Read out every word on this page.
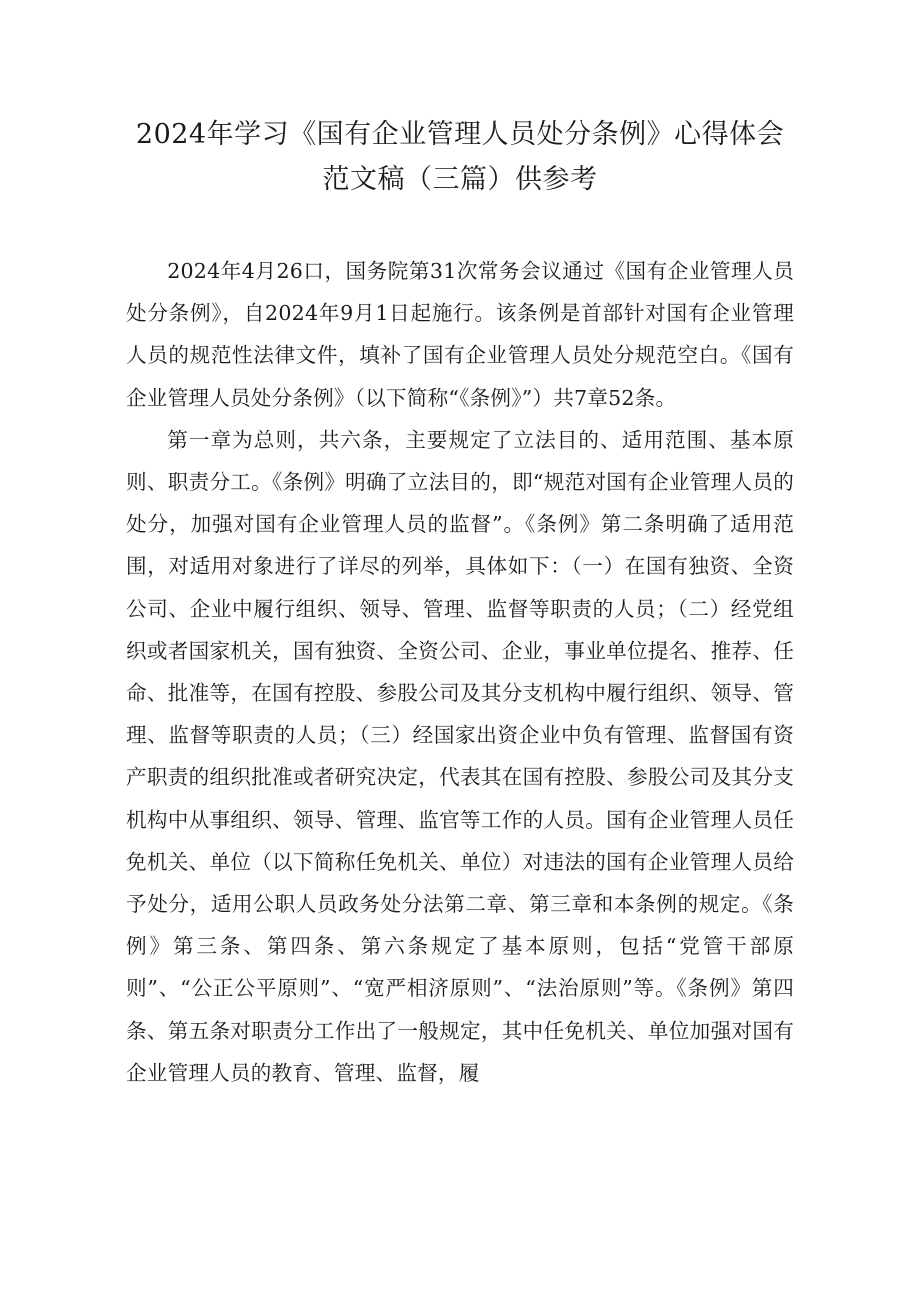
2024年学习《国有企业管理人员处分条例》心得体会
范文稿（三篇）供参考

2024年4月26口，国务院第31次常务会议通过《国有企业管理人员处分条例》，自2024年9月1日起施行。该条例是首部针对国有企业管理人员的规范性法律文件，填补了国有企业管理人员处分规范空白。《国有企业管理人员处分条例》（以下简称“《条例》”）共7章52条。

第一章为总则，共六条，主要规定了立法目的、适用范围、基本原则、职责分工。《条例》明确了立法目的，即“规范对国有企业管理人员的处分，加强对国有企业管理人员的监督”。《条例》第二条明确了适用范围，对适用对象进行了详尽的列举，具体如下：（一）在国有独资、全资公司、企业中履行组织、领导、管理、监督等职责的人员；（二）经党组织或者国家机关，国有独资、全资公司、企业，事业单位提名、推荐、任命、批准等，在国有控股、参股公司及其分支机构中履行组织、领导、管理、监督等职责的人员；（三）经国家出资企业中负有管理、监督国有资产职责的组织批准或者研究决定，代表其在国有控股、参股公司及其分支机构中从事组织、领导、管理、监官等工作的人员。国有企业管理人员任免机关、单位（以下简称任免机关、单位）对违法的国有企业管理人员给予处分，适用公职人员政务处分法第二章、第三章和本条例的规定。《条例》第三条、第四条、第六条规定了基本原则，包括“党管干部原则”、“公正公平原则”、“宽严相济原则”、“法治原则”等。《条例》第四条、第五条对职责分工作出了一般规定，其中任免机关、单位加强对国有企业管理人员的教育、管理、监督，履
